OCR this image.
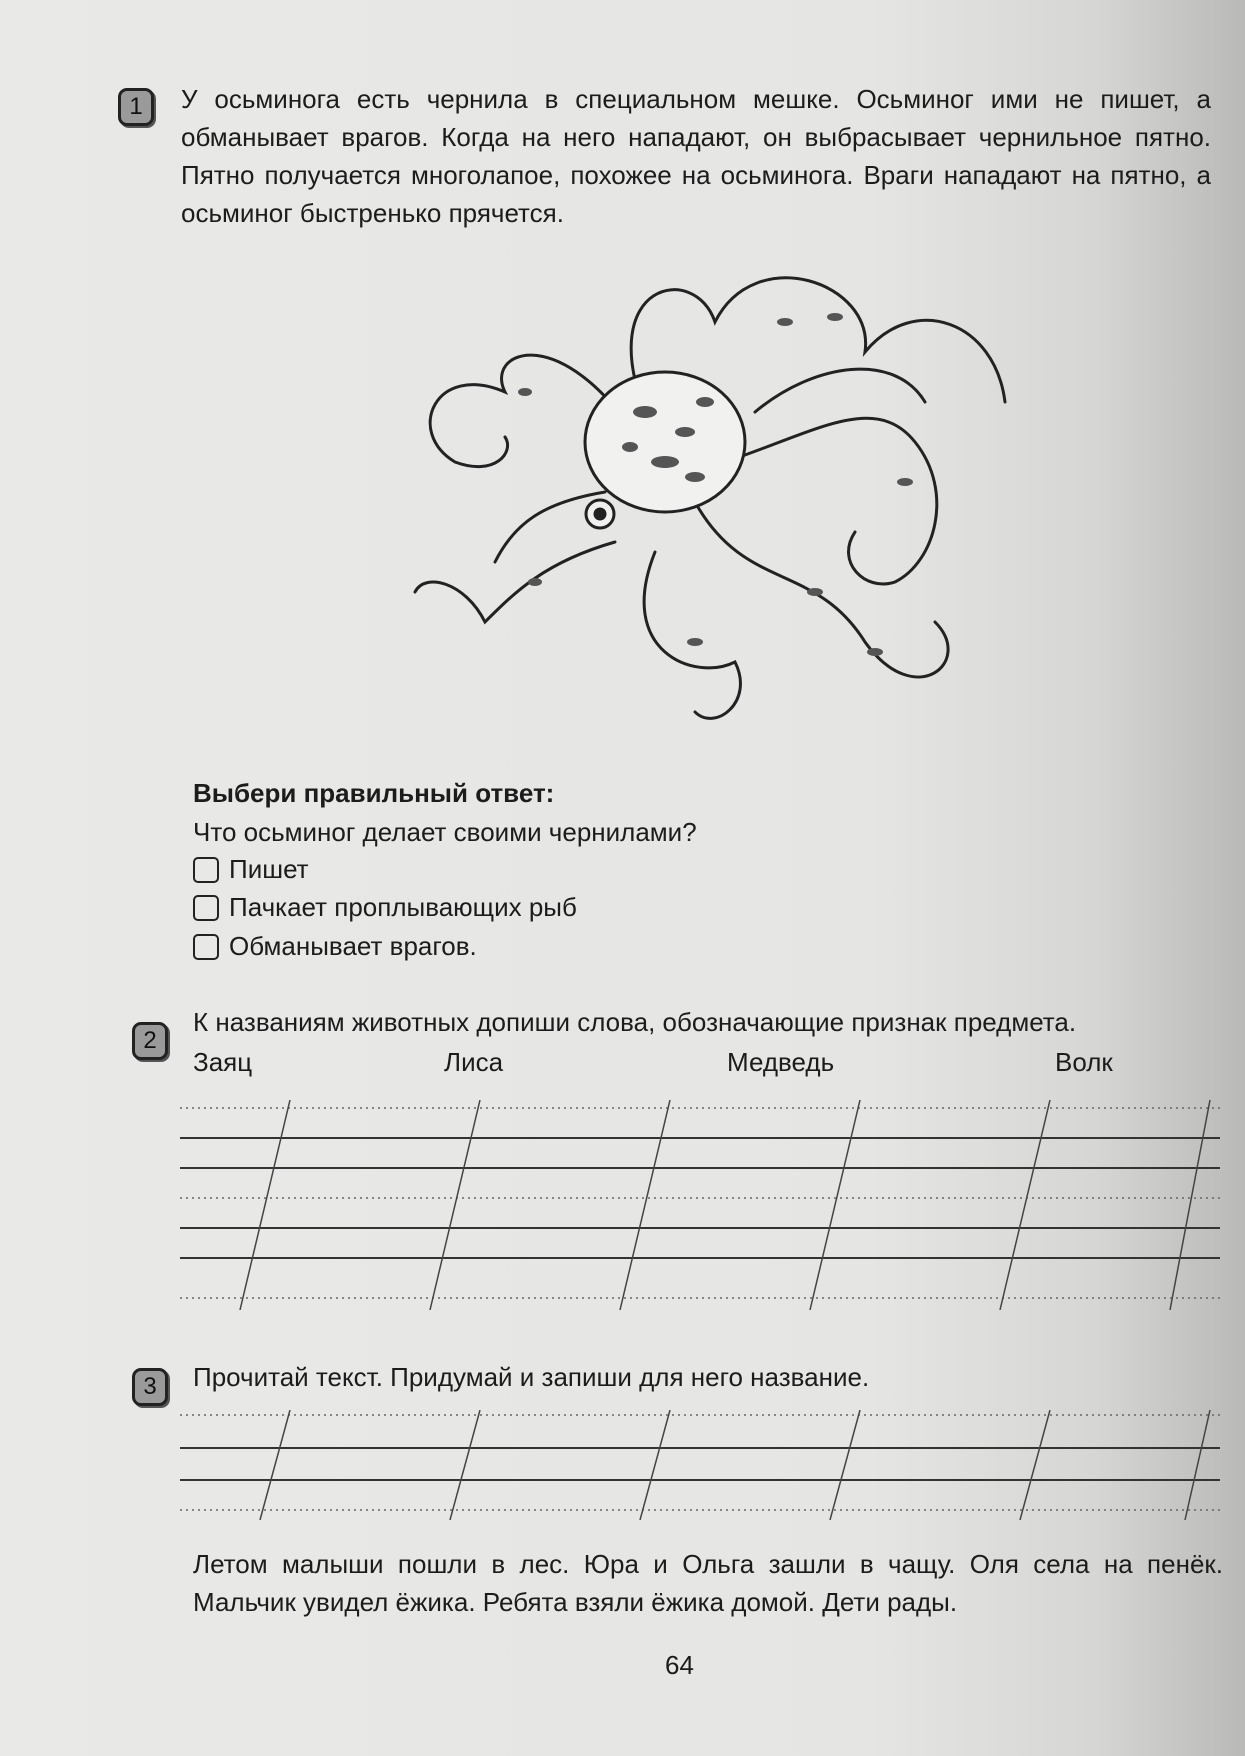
1	У осьминога есть чернила в специальном мешке. Осьминог ими не пишет, а обманывает врагов. Когда на него нападают, он выбрасывает чернильное пятно. Пятно получается многолапое, похожее на осьминога. Враги нападают на пятно, а осьминог быстренько прячется.

Выбери правильный ответ:

Что осьминог делает своими чернилами?

Пишет
Пачкает проплывающих рыб
Обманывает врагов.
2

К названиям животных допиши слова, обозначающие признак предмета.

Заяц	Лиса	Медведь	Волк

3	Прочитай текст. Придумай и запиши для него название.

Летом малыши пошли в лес. Юра и Ольга зашли в чащу. Оля села на пенёк. Мальчик увидел ёжика. Ребята взяли ёжика домой. Дети рады.

64
